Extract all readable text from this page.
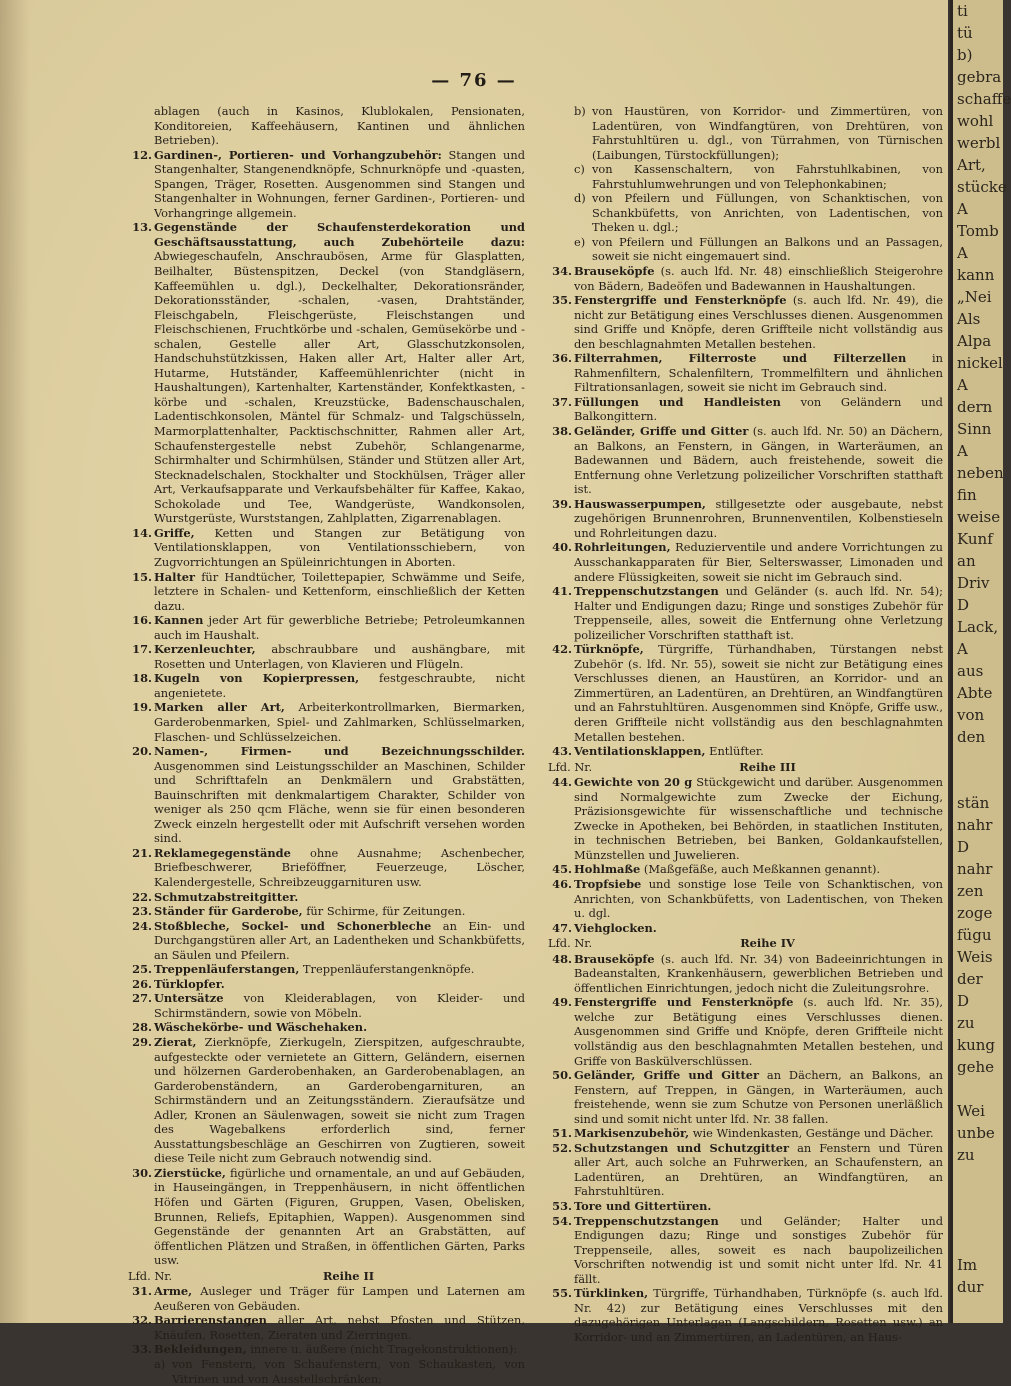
— 76 —

ablagen (auch in Kasinos, Klublokalen, Pensionaten, Konditoreien, Kaffeehäusern, Kantinen und ähnlichen Betrieben).

12. Gardinen-, Portieren- und Vorhangzubehör: Stangen und Stangenhalter, Stangenendknöpfe, Schnurknöpfe und -quasten, Spangen, Träger, Rosetten. Ausgenommen sind Stangen und Stangenhalter in Wohnungen, ferner Gardinen-, Portieren- und Vorhangringe allgemein.

13. Gegenstände der Schaufensterdekoration und Geschäftsausstattung, auch Zubehörteile dazu: Abwiegeschaufeln, Anschraubösen, Arme für Glasplatten, Beilhalter, Büstenspitzen, Deckel (von Standgläsern, Kaffeemühlen u. dgl.), Deckelhalter, Dekorationsränder, Dekorationsständer, -schalen, -vasen, Drahtständer, Fleischgabeln, Fleischgerüste, Fleischstangen und Fleischschienen, Fruchtkörbe und -schalen, Gemüsekörbe und -schalen, Gestelle aller Art, Glasschutzkonsolen, Handschuhstützkissen, Haken aller Art, Halter aller Art, Hutarme, Hutständer, Kaffeemühlenrichter (nicht in Haushaltungen), Kartenhalter, Kartenständer, Konfektkasten, -körbe und -schalen, Kreuzstücke, Badenschauschalen, Ladentischkonsolen, Mäntel für Schmalz- und Talgschüsseln, Marmorplattenhalter, Packtischschnitter, Rahmen aller Art, Schaufenstergestelle nebst Zubehör, Schlangenarme, Schirmhalter und Schirmhülsen, Ständer und Stützen aller Art, Stecknadelschalen, Stockhalter und Stockhülsen, Träger aller Art, Verkaufsapparate und Verkaufsbehälter für Kaffee, Kakao, Schokolade und Tee, Wandgerüste, Wandkonsolen, Wurstgerüste, Wurststangen, Zahlplatten, Zigarrenablagen.

14. Griffe, Ketten und Stangen zur Betätigung von Ventilationsklappen, von Ventilationsschiebern, von Zugvorrichtungen an Spüleinrichtungen in Aborten.

15. Halter für Handtücher, Toilettepapier, Schwämme und Seife, letztere in Schalen- und Kettenform, einschließlich der Ketten dazu.

16. Kannen jeder Art für gewerbliche Betriebe; Petroleumkannen auch im Haushalt.

17. Kerzenleuchter, abschraubbare und aushängbare, mit Rosetten und Unterlagen, von Klavieren und Flügeln.

18. Kugeln von Kopierpressen, festgeschraubte, nicht angenietete.

19. Marken aller Art, Arbeiterkontrollmarken, Biermarken, Garderobenmarken, Spiel- und Zahlmarken, Schlüsselmarken, Flaschen- und Schlüsselzeichen.

20. Namen-, Firmen- und Bezeichnungsschilder. Ausgenommen sind Leistungsschilder an Maschinen, Schilder und Schrifttafeln an Denkmälern und Grabstätten, Bauinschriften mit denkmalartigem Charakter, Schilder von weniger als 250 qcm Fläche, wenn sie für einen besonderen Zweck einzeln hergestellt oder mit Aufschrift versehen worden sind.

21. Reklamegegenstände ohne Ausnahme; Aschenbecher, Briefbeschwerer, Brieföffner, Feuerzeuge, Löscher, Kalendergestelle, Schreibzeuggarnituren usw.

22. Schmutzabstreitgitter.

23. Ständer für Garderobe, für Schirme, für Zeitungen.

24. Stoßbleche, Sockel- und Schonerbleche an Ein- und Durchgangstüren aller Art, an Ladentheken und Schankbüfetts, an Säulen und Pfeilern.

25. Treppenläuferstangen, Treppenläuferstangenknöpfe.

26. Türklopfer.

27. Untersätze von Kleiderablagen, von Kleider- und Schirmständern, sowie von Möbeln.

28. Wäschekörbe- und Wäschehaken.

29. Zierat, Zierknöpfe, Zierkugeln, Zierspitzen, aufgeschraubte, aufgesteckte oder vernietete an Gittern, Geländern, eisernen und hölzernen Garderobenhaken, an Garderobenablagen, an Garderobenständern, an Garderobengarnituren, an Schirmständern und an Zeitungsständern. Zieraufsätze und Adler, Kronen an Säulenwagen, soweit sie nicht zum Tragen des Wagebalkens erforderlich sind, ferner Ausstattungsbeschläge an Geschirren von Zugtieren, soweit diese Teile nicht zum Gebrauch notwendig sind.

30. Zierstücke, figürliche und ornamentale, an und auf Gebäuden, in Hauseingängen, in Treppenhäusern, in nicht öffentlichen Höfen und Gärten (Figuren, Gruppen, Vasen, Obelisken, Brunnen, Reliefs, Epitaphien, Wappen). Ausgenommen sind Gegenstände der genannten Art an Grabstätten, auf öffentlichen Plätzen und Straßen, in öffentlichen Gärten, Parks usw.

Lfd. Nr.	Reihe II

31. Arme, Ausleger und Träger für Lampen und Laternen am Aeußeren von Gebäuden.

32. Barrierenstangen aller Art, nebst Pfosten und Stützen, Knäufen, Rosetten, Zieraten und Zierringen.

33. Bekleidungen, innere u. äußere (nicht Tragekonstruktionen):

a) von Fenstern, von Schaufenstern, von Schaukasten, von Vitrinen und von Ausstellschränken;

b) von Haustüren, von Korridor- und Zimmertüren, von Ladentüren, von Windfangtüren, von Drehtüren, von Fahrstuhltüren u. dgl., von Türrahmen, von Türnischen (Laibungen, Türstockfüllungen);

c) von Kassenschaltern, von Fahrstuhlkabinen, von Fahrstuhlumwehrungen und von Telephonkabinen;

d) von Pfeilern und Füllungen, von Schanktischen, von Schankbüfetts, von Anrichten, von Ladentischen, von Theken u. dgl.;

e) von Pfeilern und Füllungen an Balkons und an Passagen, soweit sie nicht eingemauert sind.

34. Brauseköpfe (s. auch lfd. Nr. 48) einschließlich Steigerohre von Bädern, Badeöfen und Badewannen in Haushaltungen.

35. Fenstergriffe und Fensterknöpfe (s. auch lfd. Nr. 49), die nicht zur Betätigung eines Verschlusses dienen. Ausgenommen sind Griffe und Knöpfe, deren Griffteile nicht vollständig aus den beschlagnahmten Metallen bestehen.

36. Filterrahmen, Filterroste und Filterzellen in Rahmenfiltern, Schalenfiltern, Trommelfiltern und ähnlichen Filtrationsanlagen, soweit sie nicht im Gebrauch sind.

37. Füllungen und Handleisten von Geländern und Balkongittern.

38. Geländer, Griffe und Gitter (s. auch lfd. Nr. 50) an Dächern, an Balkons, an Fenstern, in Gängen, in Warteräumen, an Badewannen und Bädern, auch freistehende, soweit die Entfernung ohne Verletzung polizeilicher Vorschriften statthaft ist.

39. Hauswasserpumpen, stillgesetzte oder ausgebaute, nebst zugehörigen Brunnenrohren, Brunnenventilen, Kolbenstieseln und Rohrleitungen dazu.

40. Rohrleitungen, Reduzierventile und andere Vorrichtungen zu Ausschankapparaten für Bier, Selterswasser, Limonaden und andere Flüssigkeiten, soweit sie nicht im Gebrauch sind.

41. Treppenschutzstangen und Geländer (s. auch lfd. Nr. 54); Halter und Endigungen dazu; Ringe und sonstiges Zubehör für Treppenseile, alles, soweit die Entfernung ohne Verletzung polizeilicher Vorschriften statthaft ist.

42. Türknöpfe, Türgriffe, Türhandhaben, Türstangen nebst Zubehör (s. lfd. Nr. 55), soweit sie nicht zur Betätigung eines Verschlusses dienen, an Haustüren, an Korridor- und an Zimmertüren, an Ladentüren, an Drehtüren, an Windfangtüren und an Fahrstuhltüren. Ausgenommen sind Knöpfe, Griffe usw., deren Griffteile nicht vollständig aus den beschlagnahmten Metallen bestehen.

43. Ventilationsklappen, Entlüfter.

Lfd. Nr.	Reihe III

44. Gewichte von 20 g Stückgewicht und darüber. Ausgenommen sind Normalgewichte zum Zwecke der Eichung, Präzisionsgewichte für wissenschaftliche und technische Zwecke in Apotheken, bei Behörden, in staatlichen Instituten, in technischen Betrieben, bei Banken, Goldankaufstellen, Münzstellen und Juwelieren.

45. Hohlmaße (Maßgefäße, auch Meßkannen genannt).

46. Tropfsiebe und sonstige lose Teile von Schanktischen, von Anrichten, von Schankbüfetts, von Ladentischen, von Theken u. dgl.

47. Viehglocken.

Lfd. Nr.	Reihe IV

48. Brauseköpfe (s. auch lfd. Nr. 34) von Badeeinrichtungen in Badeanstalten, Krankenhäusern, gewerblichen Betrieben und öffentlichen Einrichtungen, jedoch nicht die Zuleitungsrohre.

49. Fenstergriffe und Fensterknöpfe (s. auch lfd. Nr. 35), welche zur Betätigung eines Verschlusses dienen. Ausgenommen sind Griffe und Knöpfe, deren Griffteile nicht vollständig aus den beschlagnahmten Metallen bestehen, und Griffe von Baskülverschlüssen.

50. Geländer, Griffe und Gitter an Dächern, an Balkons, an Fenstern, auf Treppen, in Gängen, in Warteräumen, auch freistehende, wenn sie zum Schutze von Personen unerläßlich sind und somit nicht unter lfd. Nr. 38 fallen.

51. Markisenzubehör, wie Windenkasten, Gestänge und Dächer.

52. Schutzstangen und Schutzgitter an Fenstern und Türen aller Art, auch solche an Fuhrwerken, an Schaufenstern, an Ladentüren, an Drehtüren, an Windfangtüren, an Fahrstuhltüren.

53. Tore und Gittertüren.

54. Treppenschutzstangen und Geländer; Halter und Endigungen dazu; Ringe und sonstiges Zubehör für Treppenseile, alles, soweit es nach baupolizeilichen Vorschriften notwendig ist und somit nicht unter lfd. Nr. 41 fällt.

55. Türklinken, Türgriffe, Türhandhaben, Türknöpfe (s. auch lfd. Nr. 42) zur Betätigung eines Verschlusses mit den dazugehörigen Unterlagen (Langschildern, Rosetten usw.) an Korridor- und an Zimmertüren, an Ladentüren, an Haus-

ti
tü
b)
gebra
schaffe
wohl
werbl
Art,
stücke
A
Tomb
A
kann
„Nei
Als
Alpa
nickel
A
dern
Sinn
A
neben
fin
weise
Kunf
an
Driv
D
Lack,
A
aus
Abte
von
den

stän
nahr
D
nahr
zen
zoge
fügu
Weis
der
D
zu
kung
gehe

Wei
unbe
zu

Im
dur
